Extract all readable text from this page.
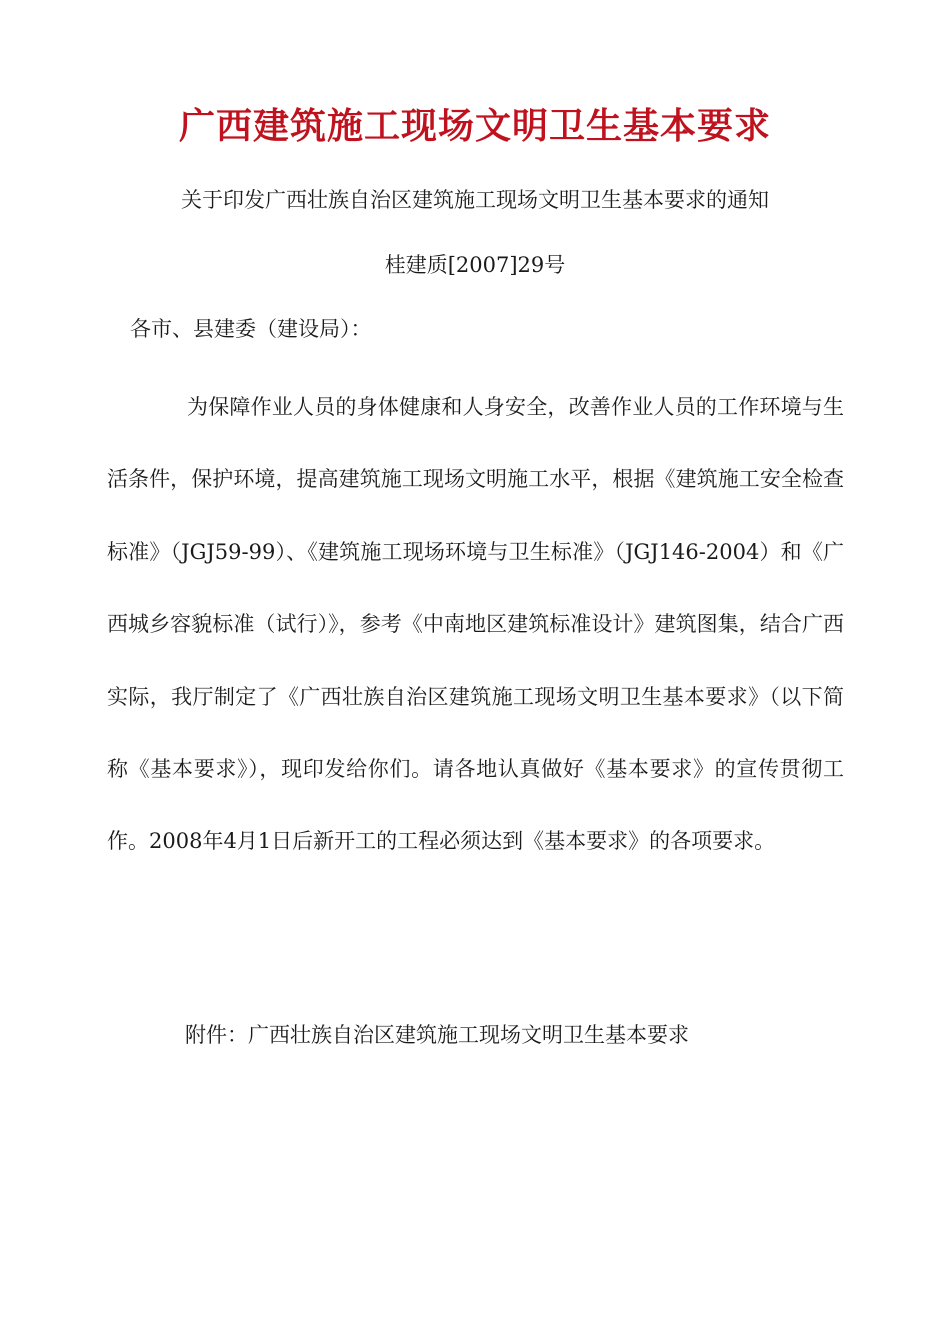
广西建筑施工现场文明卫生基本要求

关于印发广西壮族自治区建筑施工现场文明卫生基本要求的通知

桂建质[2007]29号

各市、县建委（建设局）：

为保障作业人员的身体健康和人身安全，改善作业人员的工作环境与生活条件，保护环境，提高建筑施工现场文明施工水平，根据《建筑施工安全检查标准》（JGJ59-99）、《建筑施工现场环境与卫生标准》（JGJ146-2004）和《广西城乡容貌标准（试行）》，参考《中南地区建筑标准设计》建筑图集，结合广西实际，我厅制定了《广西壮族自治区建筑施工现场文明卫生基本要求》（以下简称《基本要求》），现印发给你们。请各地认真做好《基本要求》的宣传贯彻工作。2008年4月1日后新开工的工程必须达到《基本要求》的各项要求。

附件：广西壮族自治区建筑施工现场文明卫生基本要求
